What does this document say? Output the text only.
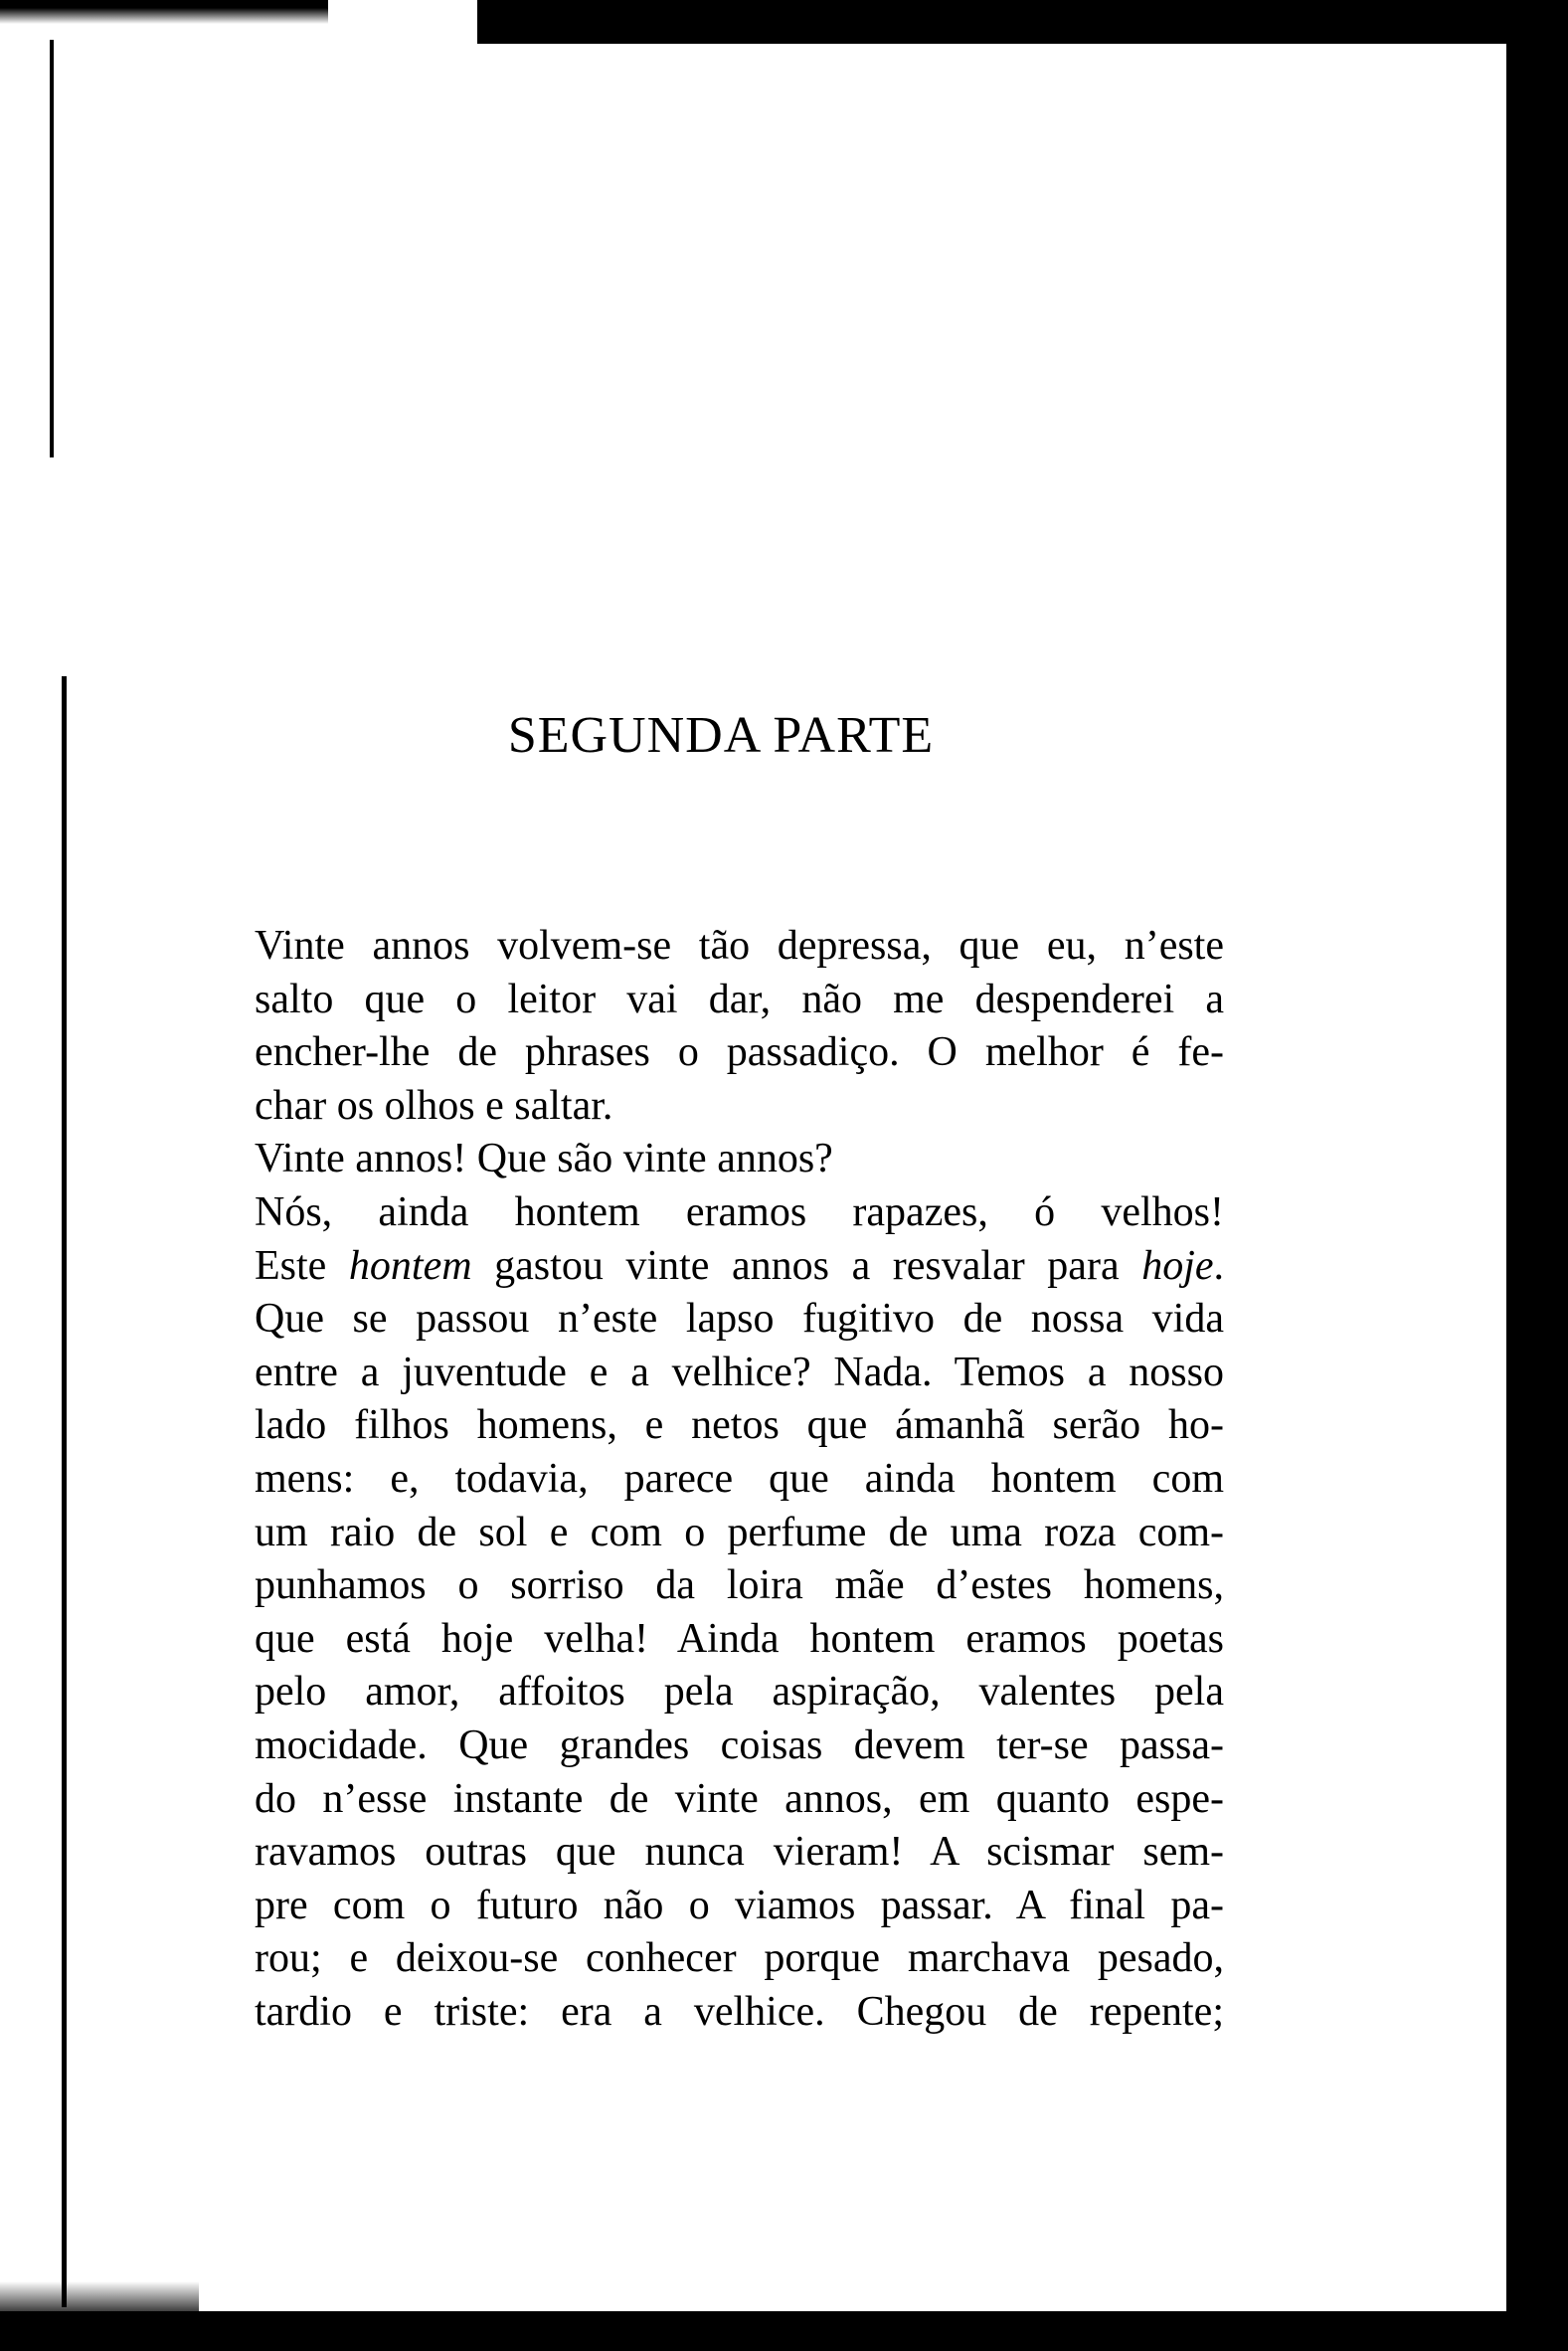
SEGUNDA PARTE
Vinte annos volvem-se tão depressa, que eu, n’este
salto que o leitor vai dar, não me despenderei a
encher-lhe de phrases o passadiço. O melhor é fe-
char os olhos e saltar.
Vinte annos! Que são vinte annos?
Nós, ainda hontem eramos rapazes, ó velhos!
Este hontem gastou vinte annos a resvalar para hoje.
Que se passou n’este lapso fugitivo de nossa vida
entre a juventude e a velhice? Nada. Temos a nosso
lado filhos homens, e netos que ámanhã serão ho-
mens: e, todavia, parece que ainda hontem com
um raio de sol e com o perfume de uma roza com-
punhamos o sorriso da loira mãe d’estes homens,
que está hoje velha! Ainda hontem eramos poetas
pelo amor, affoitos pela aspiração, valentes pela
mocidade. Que grandes coisas devem ter-se passa-
do n’esse instante de vinte annos, em quanto espe-
ravamos outras que nunca vieram! A scismar sem-
pre com o futuro não o viamos passar. A final pa-
rou; e deixou-se conhecer porque marchava pesado,
tardio e triste: era a velhice. Chegou de repente;
